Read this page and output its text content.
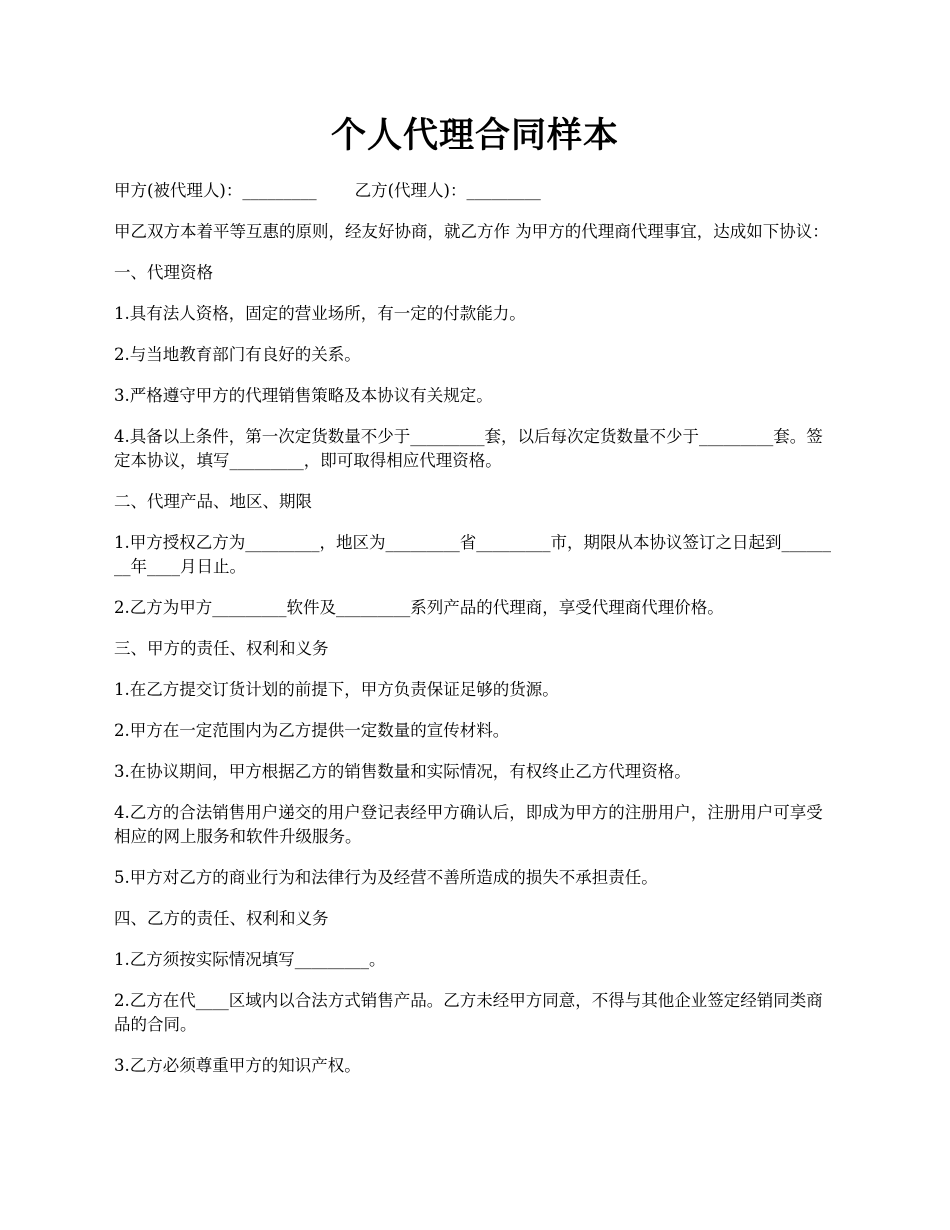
个人代理合同样本
甲方(被代理人)：_________ 乙方(代理人)：_________

甲乙双方本着平等互惠的原则，经友好协商，就乙方作 为甲方的代理商代理事宜，达成如下协议：

一、代理资格

1.具有法人资格，固定的营业场所，有一定的付款能力。

2.与当地教育部门有良好的关系。

3.严格遵守甲方的代理销售策略及本协议有关规定。

4.具备以上条件，第一次定货数量不少于_________套，以后每次定货数量不少于_________套。签定本协议，填写_________，即可取得相应代理资格。

二、代理产品、地区、期限

1.甲方授权乙方为_________，地区为_________省_________市，期限从本协议签订之日起到________年____月日止。

2.乙方为甲方_________软件及_________系列产品的代理商，享受代理商代理价格。

三、甲方的责任、权利和义务

1.在乙方提交订货计划的前提下，甲方负责保证足够的货源。

2.甲方在一定范围内为乙方提供一定数量的宣传材料。

3.在协议期间，甲方根据乙方的销售数量和实际情况，有权终止乙方代理资格。

4.乙方的合法销售用户递交的用户登记表经甲方确认后，即成为甲方的注册用户，注册用户可享受相应的网上服务和软件升级服务。

5.甲方对乙方的商业行为和法律行为及经营不善所造成的损失不承担责任。

四、乙方的责任、权利和义务

1.乙方须按实际情况填写_________。

2.乙方在代____区域内以合法方式销售产品。乙方未经甲方同意，不得与其他企业签定经销同类商品的合同。

3.乙方必须尊重甲方的知识产权。
